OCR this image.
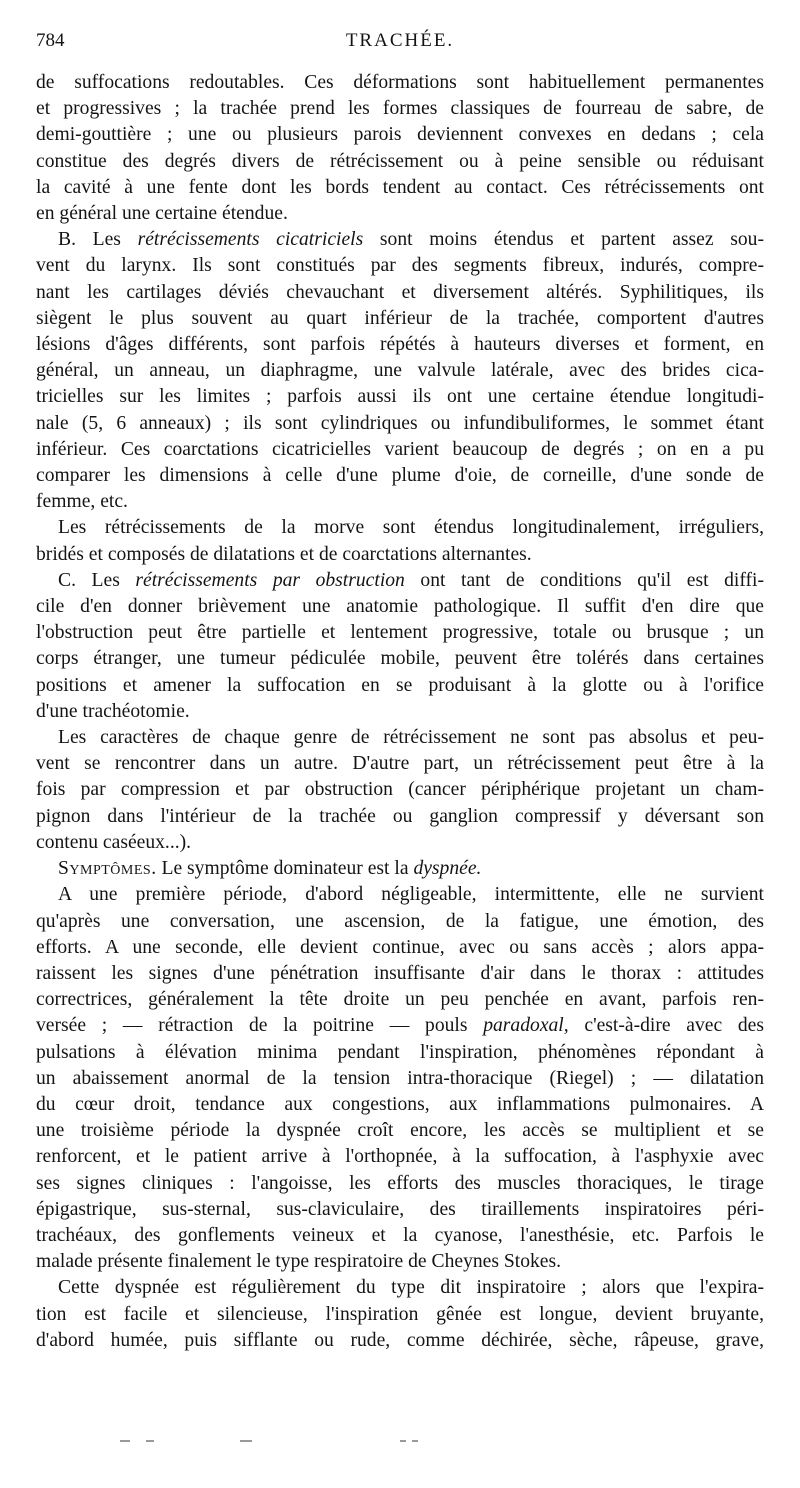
784	TRACHÉE.
de suffocations redoutables. Ces déformations sont habituellement permanentes
et progressives ; la trachée prend les formes classiques de fourreau de sabre, de
demi-gouttière ; une ou plusieurs parois deviennent convexes en dedans ; cela
constitue des degrés divers de rétrécissement ou à peine sensible ou réduisant
la cavité à une fente dont les bords tendent au contact. Ces rétrécissements ont
en général une certaine étendue.
B. Les rétrécissements cicatriciels sont moins étendus et partent assez sou-
vent du larynx. Ils sont constitués par des segments fibreux, indurés, compre-
nant les cartilages déviés chevauchant et diversement altérés. Syphilitiques, ils
siègent le plus souvent au quart inférieur de la trachée, comportent d'autres
lésions d'âges différents, sont parfois répétés à hauteurs diverses et forment, en
général, un anneau, un diaphragme, une valvule latérale, avec des brides cica-
tricielles sur les limites ; parfois aussi ils ont une certaine étendue longitudi-
nale (5, 6 anneaux) ; ils sont cylindriques ou infundibuliformes, le sommet étant
inférieur. Ces coarctations cicatricielles varient beaucoup de degrés ; on en a pu
comparer les dimensions à celle d'une plume d'oie, de corneille, d'une sonde de
femme, etc.
Les rétrécissements de la morve sont étendus longitudinalement, irréguliers,
bridés et composés de dilatations et de coarctations alternantes.
C. Les rétrécissements par obstruction ont tant de conditions qu'il est diffi-
cile d'en donner brièvement une anatomie pathologique. Il suffit d'en dire que
l'obstruction peut être partielle et lentement progressive, totale ou brusque ; un
corps étranger, une tumeur pédiculée mobile, peuvent être tolérés dans certaines
positions et amener la suffocation en se produisant à la glotte ou à l'orifice
d'une trachéotomie.
Les caractères de chaque genre de rétrécissement ne sont pas absolus et peu-
vent se rencontrer dans un autre. D'autre part, un rétrécissement peut être à la
fois par compression et par obstruction (cancer périphérique projetant un cham-
pignon dans l'intérieur de la trachée ou ganglion compressif y déversant son
contenu caséeux...).
Symptômes. Le symptôme dominateur est la dyspnée.
A une première période, d'abord négligeable, intermittente, elle ne survient
qu'après une conversation, une ascension, de la fatigue, une émotion, des
efforts. A une seconde, elle devient continue, avec ou sans accès ; alors appa-
raissent les signes d'une pénétration insuffisante d'air dans le thorax : attitudes
correctrices, généralement la tête droite un peu penchée en avant, parfois ren-
versée ; — rétraction de la poitrine — pouls paradoxal, c'est-à-dire avec des
pulsations à élévation minima pendant l'inspiration, phénomènes répondant à
un abaissement anormal de la tension intra-thoracique (Riegel) ; — dilatation
du cœur droit, tendance aux congestions, aux inflammations pulmonaires. A
une troisième période la dyspnée croît encore, les accès se multiplient et se
renforcent, et le patient arrive à l'orthopnée, à la suffocation, à l'asphyxie avec
ses signes cliniques : l'angoisse, les efforts des muscles thoraciques, le tirage
épigastrique, sus-sternal, sus-claviculaire, des tiraillements inspiratoires péri-
trachéaux, des gonflements veineux et la cyanose, l'anesthésie, etc. Parfois le
malade présente finalement le type respiratoire de Cheynes Stokes.
Cette dyspnée est régulièrement du type dit inspiratoire ; alors que l'expira-
tion est facile et silencieuse, l'inspiration gênée est longue, devient bruyante,
d'abord humée, puis sifflante ou rude, comme déchirée, sèche, râpeuse, grave,
